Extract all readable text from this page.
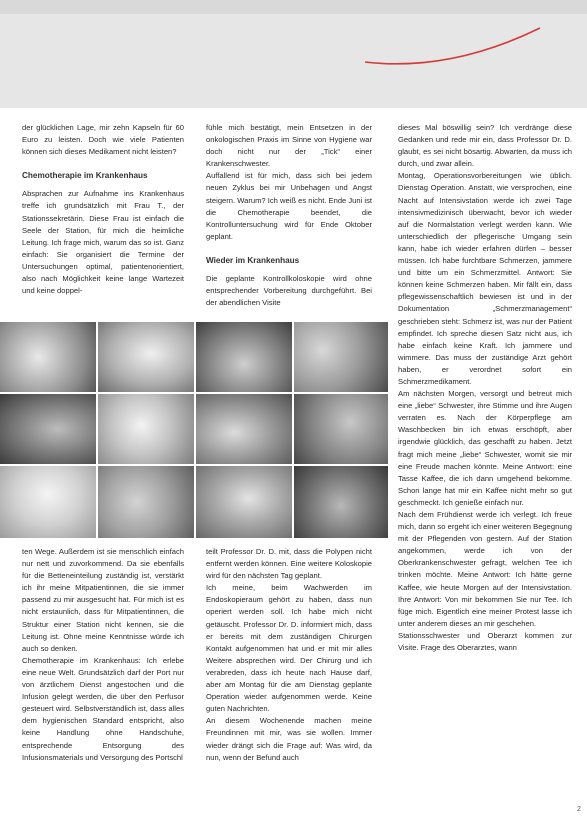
der glücklichen Lage, mir zehn Kapseln für 60 Euro zu leisten. Doch wie viele Patienten können sich dieses Medikament nicht leisten?

Chemotherapie im Krankenhaus

Absprachen zur Aufnahme ins Krankenhaus treffe ich grundsätzlich mit Frau T., der Stationssekretärin. Diese Frau ist einfach die Seele der Station, für mich die heimliche Leitung. Ich frage mich, warum das so ist. Ganz einfach: Sie organisiert die Termine der Untersuchungen optimal, patientenorientiert, also nach Möglichkeit keine lange Wartezeit und keine doppel-

fühle mich bestätigt, mein Entsetzen in der onkologischen Praxis im Sinne von Hygiene war doch nicht nur der „Tick“ einer Krankenschwester.

Auffallend ist für mich, dass sich bei jedem neuen Zyklus bei mir Unbehagen und Angst steigern. Warum? Ich weiß es nicht. Ende Juni ist die Chemotherapie beendet, die Kontrolluntersuchung wird für Ende Oktober geplant.

Wieder im Krankenhaus

Die geplante Kontrollkoloskopie wird ohne entsprechender Vorbereitung durchgeführt. Bei der abendlichen Visite

dieses Mal böswillig sein? Ich verdränge diese Gedanken und rede mir ein, dass Professor Dr. D. glaubt, es sei nicht bösartig. Abwarten, da muss ich durch, und zwar allein.

Montag, Operationsvorbereitungen wie üblich. Dienstag Operation. Anstatt, wie versprochen, eine Nacht auf Intensivstation werde ich zwei Tage intensivmedizinisch überwacht, bevor ich wieder auf die Normalstation verlegt werden kann. Wie unterschiedlich der pflegerische Umgang sein kann, habe ich wieder erfahren dürfen – besser müssen. Ich habe furchtbare Schmerzen, jammere und bitte um ein Schmerzmittel. Antwort: Sie können keine Schmerzen haben. Mir fällt ein, dass pflegewissenschaftlich bewiesen ist und in der Dokumentation „Schmerzmanagement“ geschrieben steht: Schmerz ist, was nur der Patient empfindet. Ich spreche diesen Satz nicht aus, ich habe einfach keine Kraft. Ich jammere und wimmere. Das muss der zuständige Arzt gehört haben, er verordnet sofort ein Schmerzmedikament.

Am nächsten Morgen, versorgt und betreut mich eine „liebe“ Schwester, ihre Stimme und ihre Augen verraten es. Nach der Körperpflege am Waschbecken bin ich etwas erschöpft, aber irgendwie glücklich, das geschafft zu haben. Jetzt fragt mich meine „liebe“ Schwester, womit sie mir eine Freude machen könnte. Meine Antwort: eine Tasse Kaffee, die ich dann umgehend bekomme. Schon lange hat mir ein Kaffee nicht mehr so gut geschmeckt. Ich genieße einfach nur.

Nach dem Frühdienst werde ich verlegt. Ich freue mich, dann so ergeht ich einer weiteren Begegnung mit der Pflegenden von gestern. Auf der Station angekommen, werde ich von der Oberkrankenschwester gefragt, welchen Tee ich trinken möchte. Meine Antwort: Ich hätte gerne Kaffee, wie heute Morgen auf der Intensivstation. Ihre Antwort: Von mir bekommen Sie nur Tee. Ich füge mich. Eigentlich eine meiner Protest lasse ich unter anderem dieses an mir geschehen.

Stationsschwester und Oberarzt kommen zur Visite. Frage des Oberarztes, wann

ten Wege. Außerdem ist sie menschlich einfach nur nett und zuvorkommend. Da sie ebenfalls für die Betteneinteilung zuständig ist, verstärkt ich ihr meine Mitpatientinnen, die sie immer passend zu mir ausgesucht hat. Für mich ist es nicht erstaunlich, dass für Mitpatientinnen, die Struktur einer Station nicht kennen, sie die Leitung ist. Ohne meine Kenntnisse würde ich auch so denken.

Chemotherapie im Krankenhaus: Ich erlebe eine neue Welt. Grundsätzlich darf der Port nur von ärztlichem Dienst angestochen und die Infusion gelegt werden, die über den Perfusor gesteuert wird. Selbstverständlich ist, dass alles dem hygienischen Standard entspricht, also keine Handlung ohne Handschuhe, entsprechende Entsorgung des Infusionsmaterials und Versorgung des Portschl

teilt Professor Dr. D. mit, dass die Polypen nicht entfernt werden können. Eine weitere Koloskopie wird für den nächsten Tag geplant.

Ich meine, beim Wachwerden im Endoskopieraum gehört zu haben, dass nun operiert werden soll. Ich habe mich nicht getäuscht. Professor Dr. D. informiert mich, dass er bereits mit dem zuständigen Chirurgen Kontakt aufgenommen hat und er mit mir alles Weitere absprechen wird. Der Chirurg und ich verabreden, dass ich heute nach Hause darf, aber am Montag für die am Dienstag geplante Operation wieder aufgenommen werde. Keine guten Nachrichten.

An diesem Wochenende machen meine Freundinnen mit mir, was sie wollen. Immer wieder drängt sich die Frage auf: Was wird, da nun, wenn der Befund auch

2
